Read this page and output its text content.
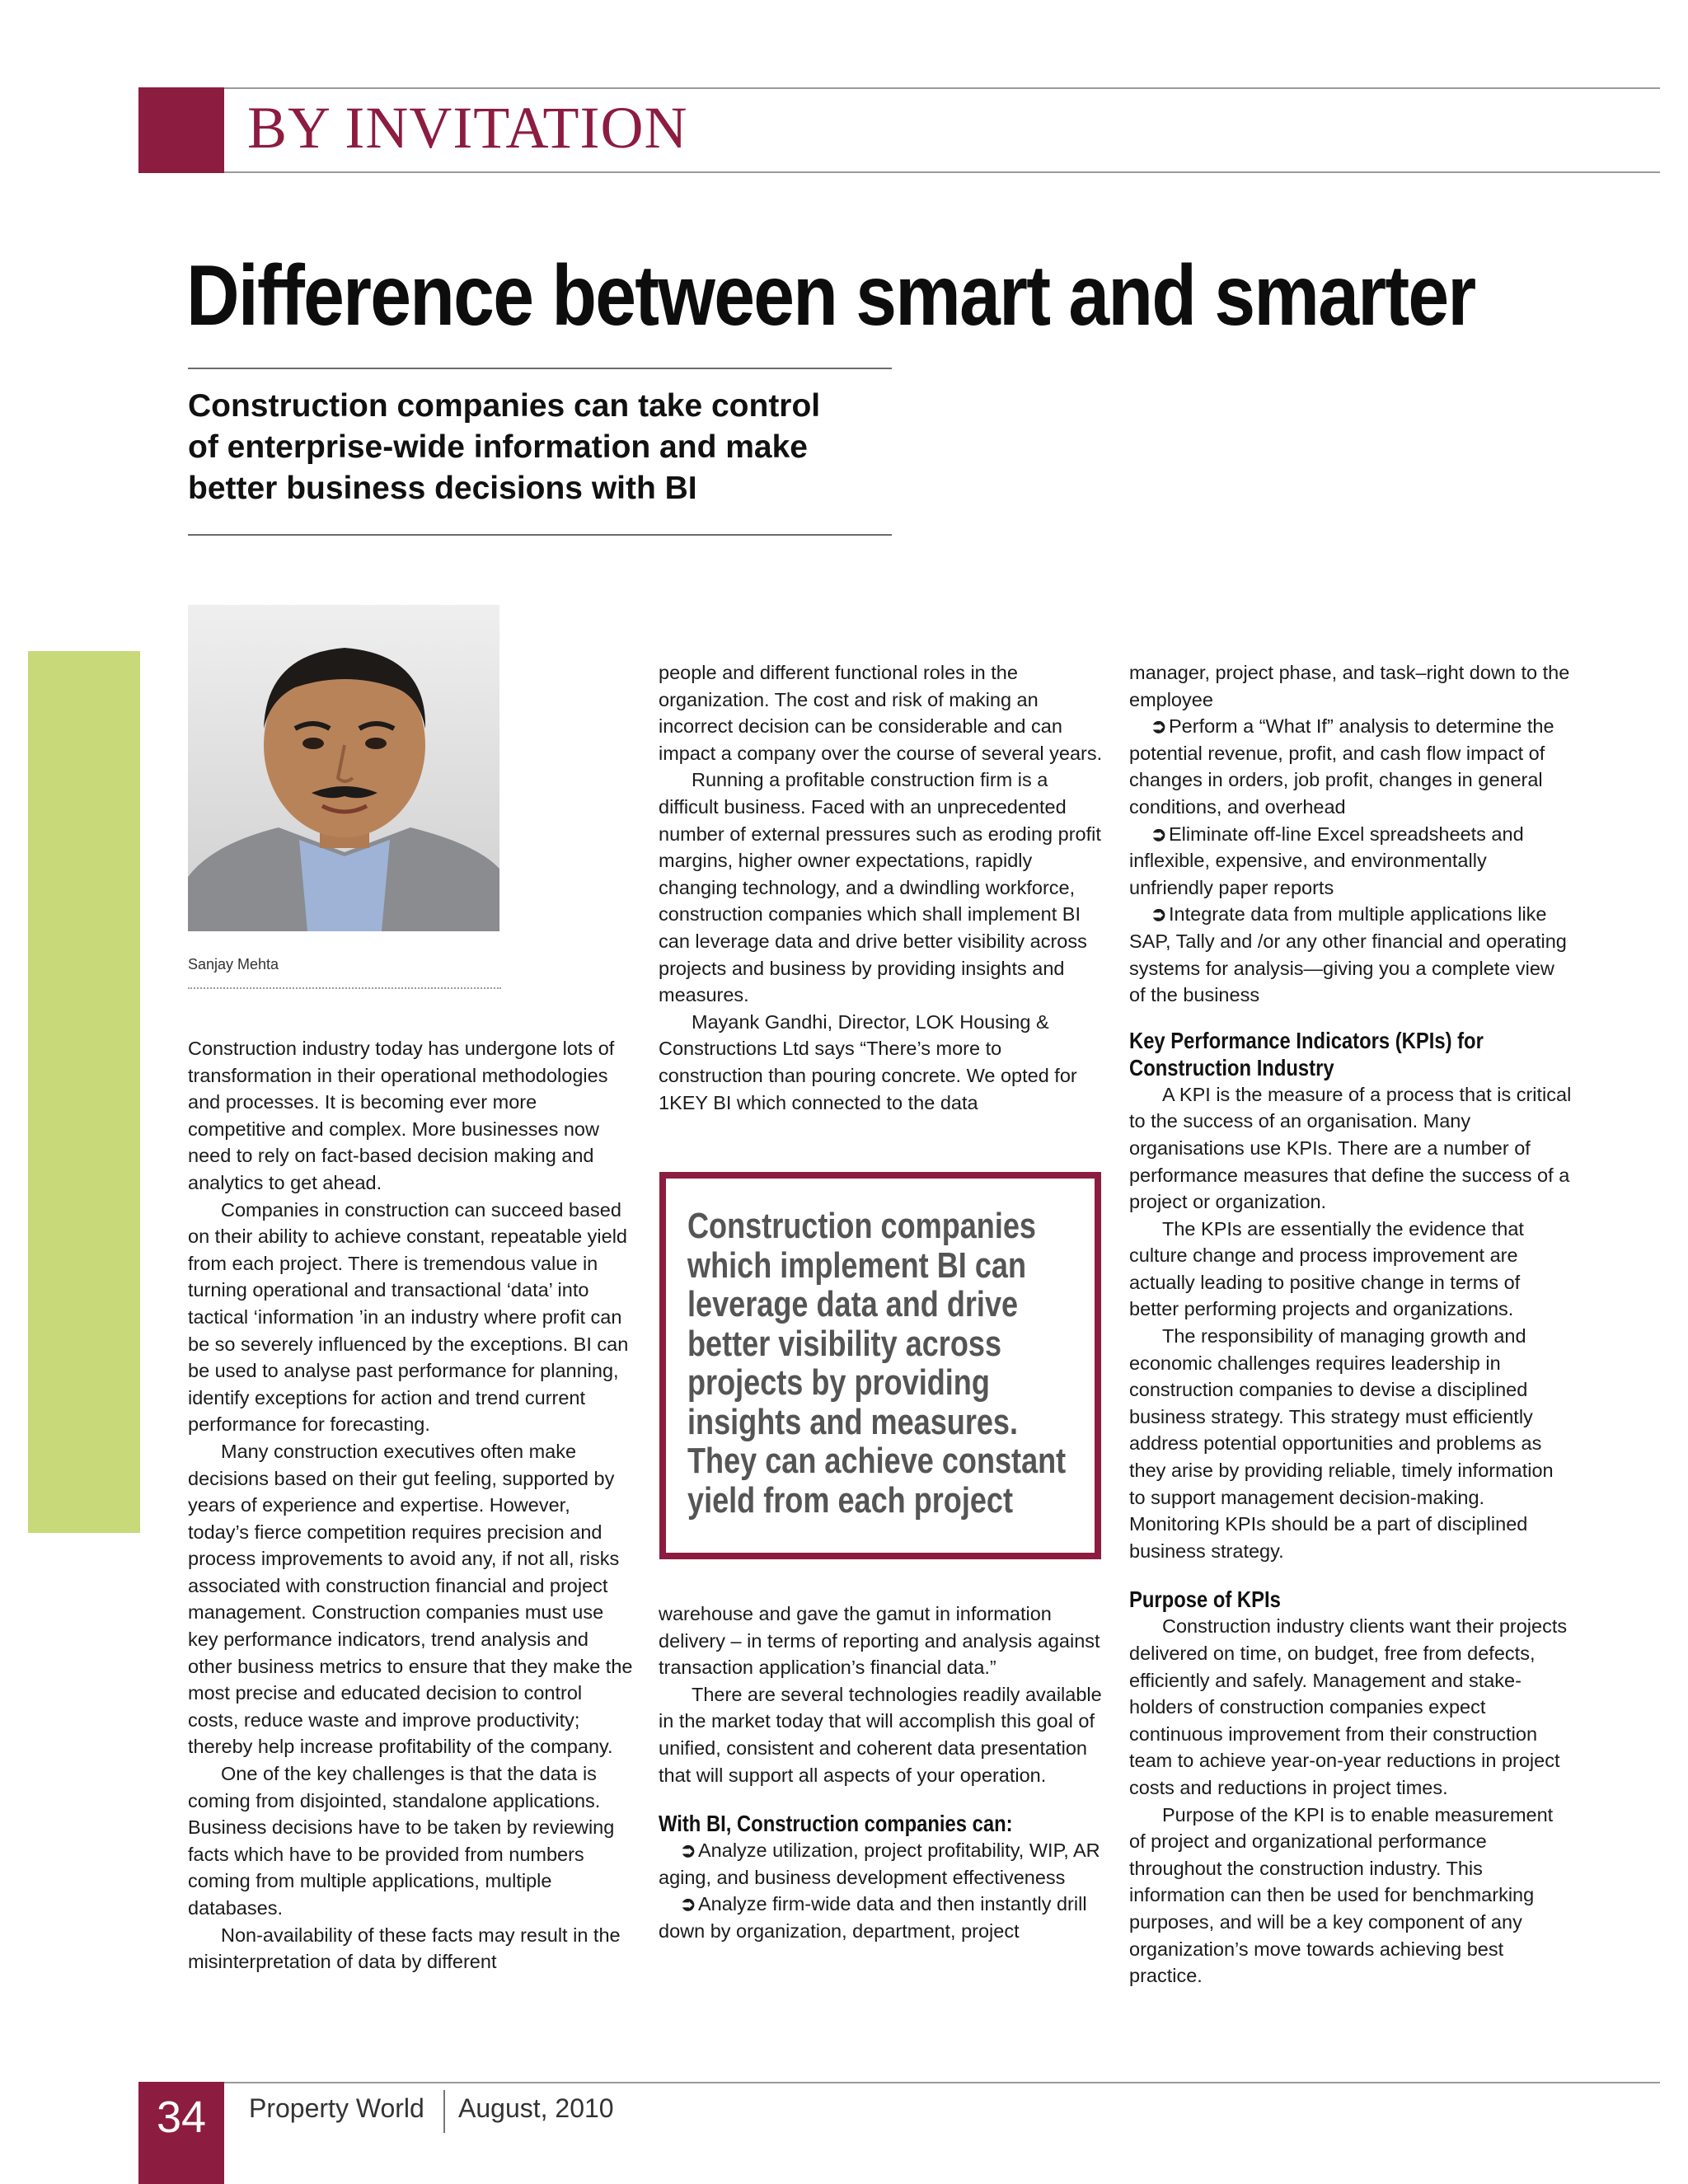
BY INVITATION
Difference between smart and smarter
Construction companies can take control
of enterprise-wide information and make
better business decisions with BI
Sanjay Mehta

Construction industry today has undergone lots of transformation in their operational methodologies and processes. It is becoming ever more competitive and complex. More businesses now need to rely on fact-based decision making and analytics to get ahead.

Companies in construction can succeed based on their ability to achieve constant, repeatable yield from each project. There is tremendous value in turning operational and transactional ‘data’ into tactical ‘information ’in an industry where profit can be so severely influenced by the exceptions. BI can be used to analyse past performance for planning, identify exceptions for action and trend current performance for forecasting.

Many construction executives often make decisions based on their gut feeling, supported by years of experience and expertise. However, today’s fierce competition requires precision and process improvements to avoid any, if not all, risks associated with construction financial and project management. Construction companies must use key performance indicators, trend analysis and other business metrics to ensure that they make the most precise and educated decision to control costs, reduce waste and improve productivity; thereby help increase profitability of the company.

One of the key challenges is that the data is coming from disjointed, standalone applications. Business decisions have to be taken by reviewing facts which have to be provided from numbers coming from multiple applications, multiple databases.

Non-availability of these facts may result in the misinterpretation of data by different

people and different functional roles in the organization. The cost and risk of making an incorrect decision can be considerable and can impact a company over the course of several years.

Running a profitable construction firm is a difficult business. Faced with an unprecedented number of external pressures such as eroding profit margins, higher owner expectations, rapidly changing technology, and a dwindling workforce, construction companies which shall implement BI can leverage data and drive better visibility across projects and business by providing insights and measures.

Mayank Gandhi, Director, LOK Housing & Constructions Ltd says “There’s more to construction than pouring concrete. We opted for 1KEY BI which connected to the data

Construction companies which implement BI can leverage data and drive better visibility across projects by providing insights and measures. They can achieve constant yield from each project

warehouse and gave the gamut in information delivery – in terms of reporting and analysis against transaction application’s financial data.”

There are several technologies readily available in the market today that will accomplish this goal of unified, consistent and coherent data presentation that will support all aspects of your operation.

With BI, Construction companies can:

➲Analyze utilization, project profitability, WIP, AR aging, and business development effectiveness

➲Analyze firm-wide data and then instantly drill down by organization, department, project

manager, project phase, and task–right down to the employee

➲Perform a “What If” analysis to determine the potential revenue, profit, and cash flow impact of changes in orders, job profit, changes in general conditions, and overhead

➲Eliminate off-line Excel spreadsheets and inflexible, expensive, and environmentally unfriendly paper reports

➲Integrate data from multiple applications like SAP, Tally and /or any other financial and operating systems for analysis—giving you a complete view of the business

Key Performance Indicators (KPIs) for

Construction Industry

A KPI is the measure of a process that is critical to the success of an organisation. Many organisations use KPIs. There are a number of performance measures that define the success of a project or organization.

The KPIs are essentially the evidence that culture change and process improvement are actually leading to positive change in terms of better performing projects and organizations.

The responsibility of managing growth and economic challenges requires leadership in construction companies to devise a disciplined business strategy. This strategy must efficiently address potential opportunities and problems as they arise by providing reliable, timely information to support management decision-making. Monitoring KPIs should be a part of disciplined business strategy.

Purpose of KPIs

Construction industry clients want their projects delivered on time, on budget, free from defects, efficiently and safely. Management and stake-holders of construction companies expect continuous improvement from their construction team to achieve year-on-year reductions in project costs and reductions in project times.

Purpose of the KPI is to enable measurement of project and organizational performance throughout the construction industry. This information can then be used for benchmarking purposes, and will be a key component of any organization’s move towards achieving best practice.

34	Property World August, 2010
